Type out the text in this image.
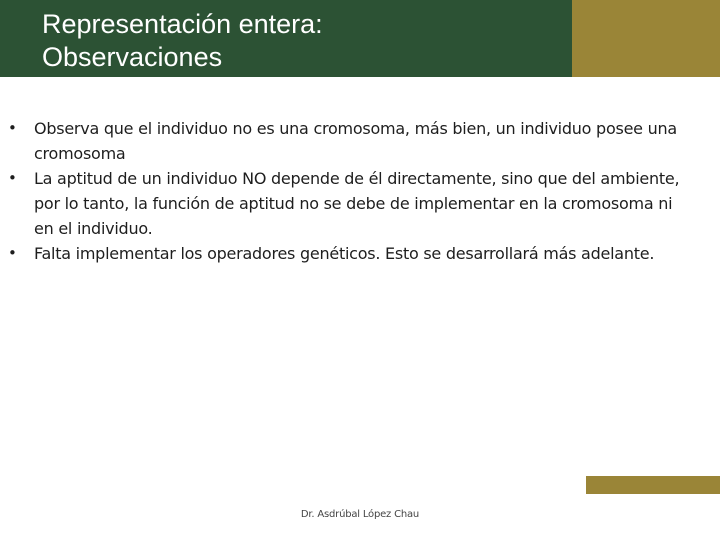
Representación entera:
Observaciones
• Observa que el individuo no es una cromosoma, más bien, un individuo posee una cromosoma
• La aptitud de un individuo NO depende de él directamente, sino que del ambiente, por lo tanto, la función de aptitud no se debe de implementar en la cromosoma ni en el individuo.
• Falta implementar los operadores genéticos. Esto se desarrollará más adelante.
Dr. Asdrúbal López Chau
